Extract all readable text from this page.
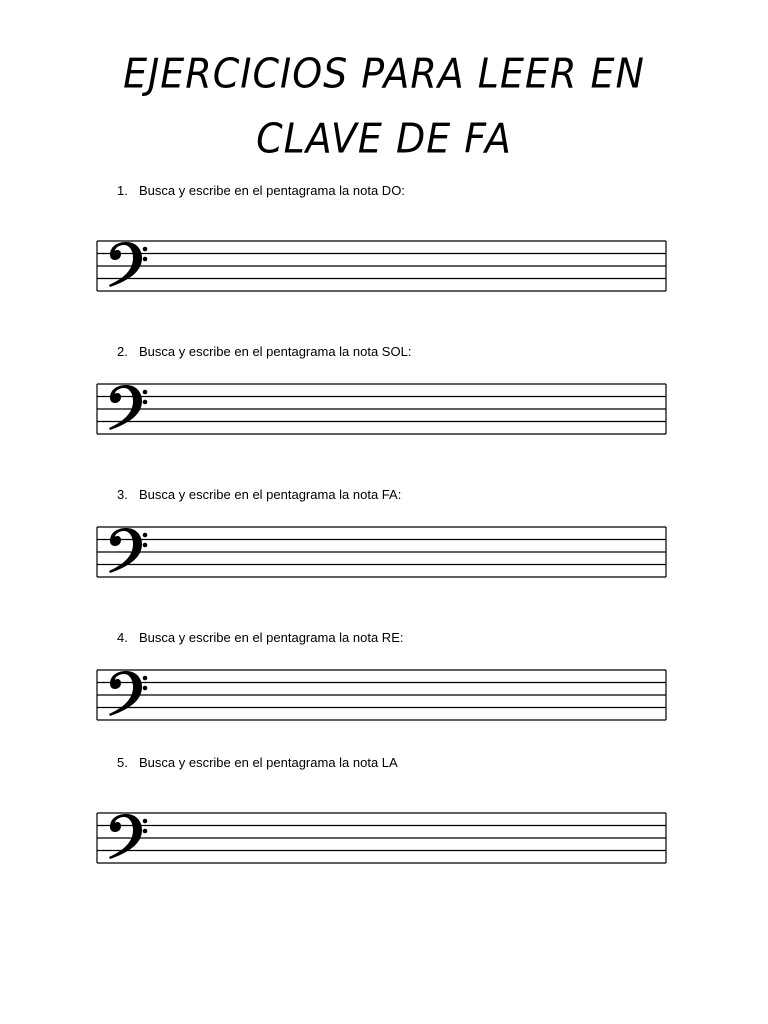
EJERCICIOS PARA LEER EN
CLAVE DE FA
1. Busca y escribe en el pentagrama la nota DO:
2. Busca y escribe en el pentagrama la nota SOL:
3. Busca y escribe en el pentagrama la nota FA:
4. Busca y escribe en el pentagrama la nota RE:
5. Busca y escribe en el pentagrama la nota LA
